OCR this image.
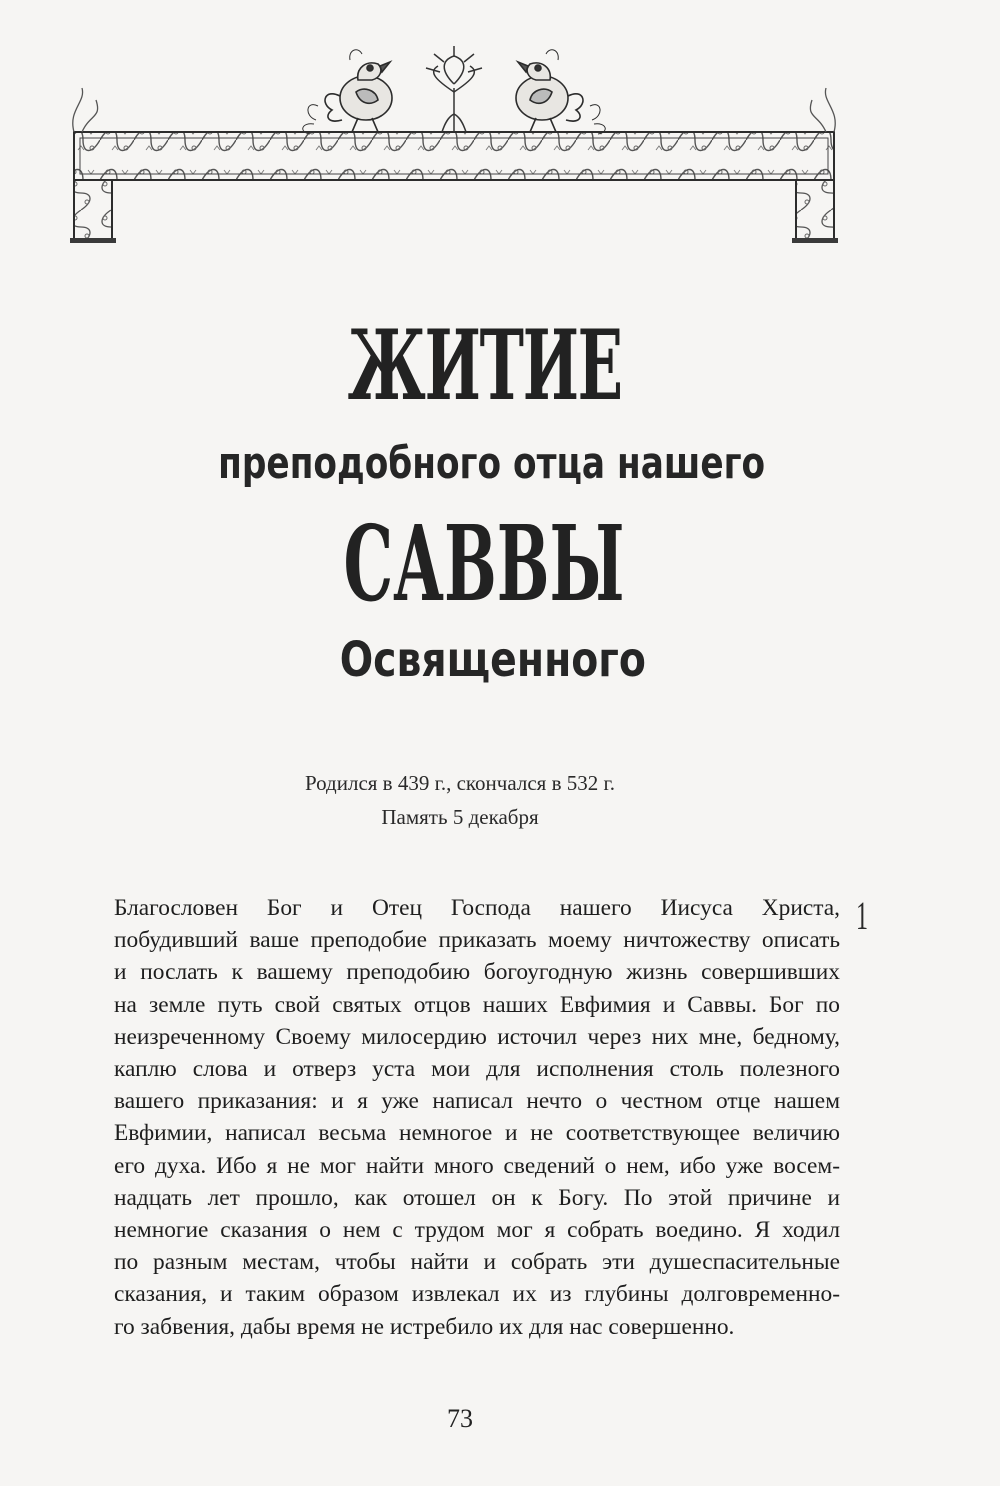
ЖИТИЕ
преподобного отца нашего
САВВЫ
Освященного
Родился в 439 г., скончался в 532 г.
Память 5 декабря
1
Благословен Бог и Отец Господа нашего Иисуса Христа,
побудивший ваше преподобие приказать моему ничтожеству описать
и послать к вашему преподобию богоугодную жизнь совершивших
на земле путь свой святых отцов наших Евфимия и Саввы. Бог по
неизреченному Своему милосердию источил через них мне, бедному,
каплю слова и отверз уста мои для исполнения столь полезного
вашего приказания: и я уже написал нечто о честном отце нашем
Евфимии, написал весьма немногое и не соответствующее величию
его духа. Ибо я не мог найти много сведений о нем, ибо уже восем-
надцать лет прошло, как отошел он к Богу. По этой причине и
немногие сказания о нем с трудом мог я собрать воедино. Я ходил
по разным местам, чтобы найти и собрать эти душеспасительные
сказания, и таким образом извлекал их из глубины долговременно-
го забвения, дабы время не истребило их для нас совершенно.
73
